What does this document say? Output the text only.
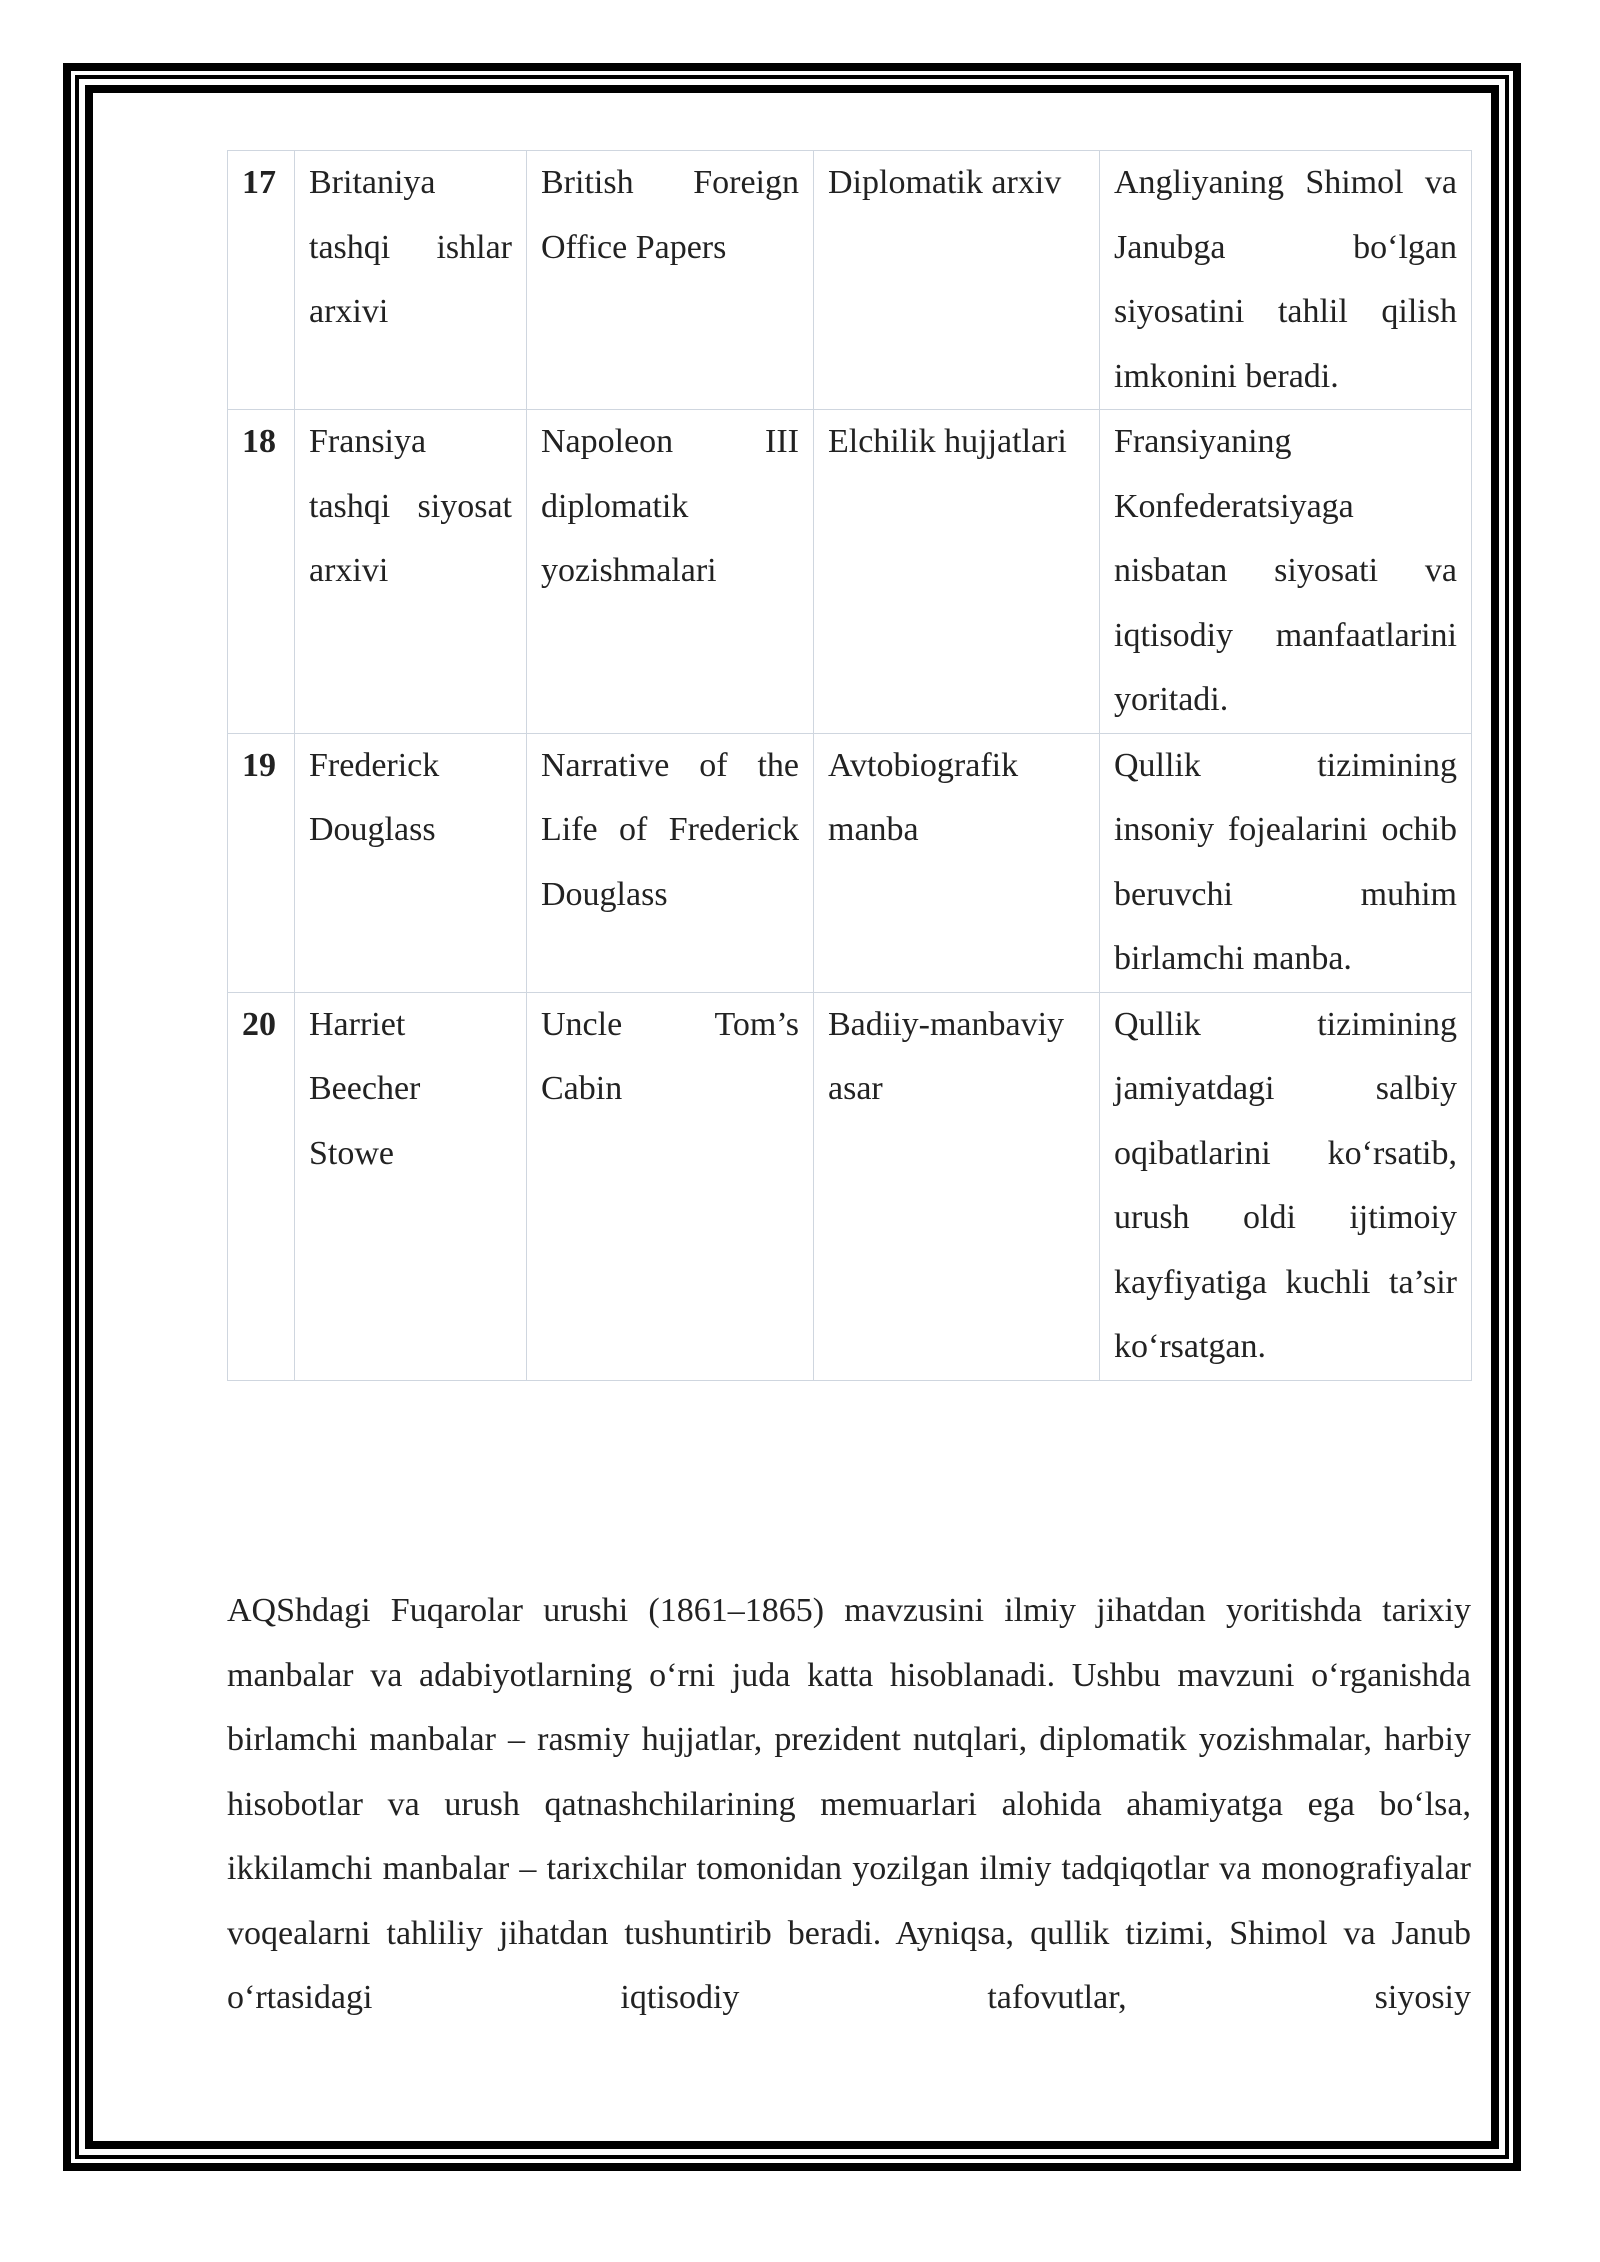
17	Britaniya tashqi ishlar arxivi	British Foreign Office Papers	Diplomatik arxiv	Angliyaning Shimol va Janubga bo‘lgan siyosatini tahlil qilish imkonini beradi.
18	Fransiya tashqi siyosat arxivi	Napoleon III diplomatik yozishmalari	Elchilik hujjatlari	Fransiyaning Konfederatsiyaga nisbatan siyosati va iqtisodiy manfaatlarini yoritadi.
19	Frederick Douglass	Narrative of the Life of Frederick Douglass	Avtobiografik manba	Qullik tizimining insoniy fojealarini ochib beruvchi muhim birlamchi manba.
20	Harriet Beecher Stowe	Uncle Tom’s Cabin	Badiiy-manbaviy asar	Qullik tizimining jamiyatdagi salbiy oqibatlarini ko‘rsatib, urush oldi ijtimoiy kayfiyatiga kuchli ta’sir ko‘rsatgan.

AQShdagi Fuqarolar urushi (1861–1865) mavzusini ilmiy jihatdan yoritishda tarixiy manbalar va adabiyotlarning o‘rni juda katta hisoblanadi. Ushbu mavzuni o‘rganishda birlamchi manbalar – rasmiy hujjatlar, prezident nutqlari, diplomatik yozishmalar, harbiy hisobotlar va urush qatnashchilarining memuarlari alohida ahamiyatga ega bo‘lsa, ikkilamchi manbalar – tarixchilar tomonidan yozilgan ilmiy tadqiqotlar va monografiyalar voqealarni tahliliy jihatdan tushuntirib beradi. Ayniqsa, qullik tizimi, Shimol va Janub o‘rtasidagi iqtisodiy tafovutlar, siyosiy
